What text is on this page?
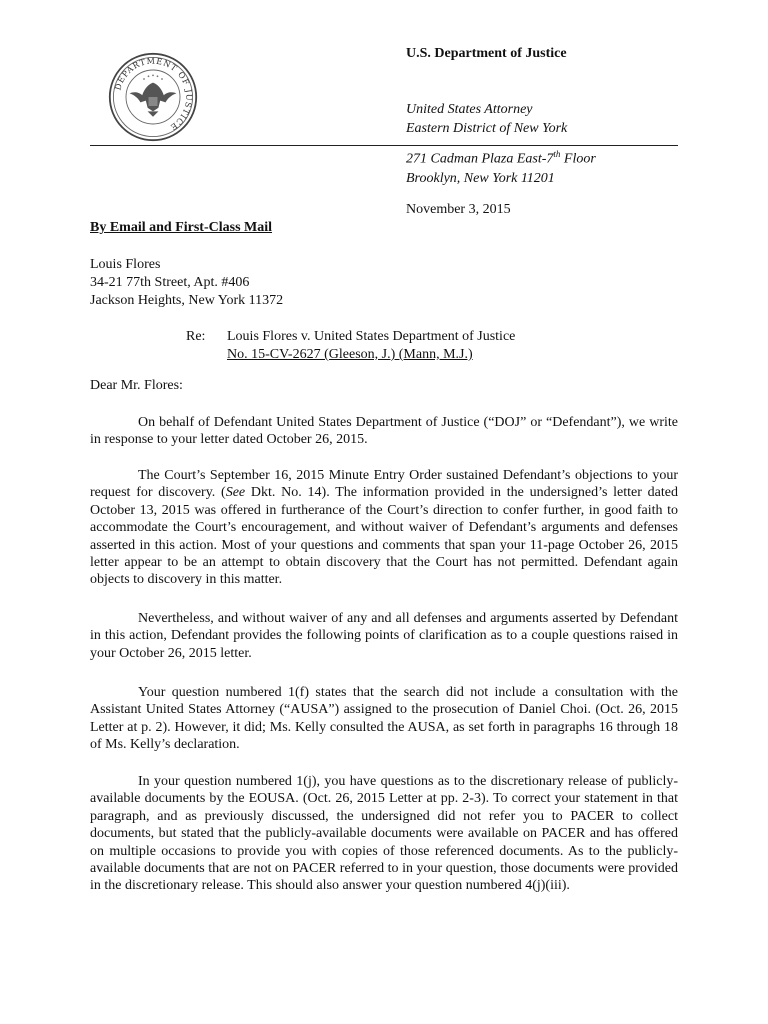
DEPARTMENT OF JUSTICE
U.S. Department of Justice
United States Attorney
Eastern District of New York
271 Cadman Plaza East-7th Floor
Brooklyn, New York 11201
November 3, 2015
By Email and First-Class Mail
Louis Flores
34-21 77th Street, Apt. #406
Jackson Heights, New York 11372
Re: Louis Flores v. United States Department of Justice
No. 15-CV-2627 (Gleeson, J.) (Mann, M.J.)
Dear Mr. Flores:

On behalf of Defendant United States Department of Justice (“DOJ” or “Defendant”), we write in response to your letter dated October 26, 2015.

The Court’s September 16, 2015 Minute Entry Order sustained Defendant’s objections to your request for discovery. (See Dkt. No. 14). The information provided in the undersigned’s letter dated October 13, 2015 was offered in furtherance of the Court’s direction to confer further, in good faith to accommodate the Court’s encouragement, and without waiver of Defendant’s arguments and defenses asserted in this action. Most of your questions and comments that span your 11-page October 26, 2015 letter appear to be an attempt to obtain discovery that the Court has not permitted. Defendant again objects to discovery in this matter.

Nevertheless, and without waiver of any and all defenses and arguments asserted by Defendant in this action, Defendant provides the following points of clarification as to a couple questions raised in your October 26, 2015 letter.

Your question numbered 1(f) states that the search did not include a consultation with the Assistant United States Attorney (“AUSA”) assigned to the prosecution of Daniel Choi. (Oct. 26, 2015 Letter at p. 2). However, it did; Ms. Kelly consulted the AUSA, as set forth in paragraphs 16 through 18 of Ms. Kelly’s declaration.

In your question numbered 1(j), you have questions as to the discretionary release of publicly-available documents by the EOUSA. (Oct. 26, 2015 Letter at pp. 2-3). To correct your statement in that paragraph, and as previously discussed, the undersigned did not refer you to PACER to collect documents, but stated that the publicly-available documents were available on PACER and has offered on multiple occasions to provide you with copies of those referenced documents. As to the publicly-available documents that are not on PACER referred to in your question, those documents were provided in the discretionary release. This should also answer your question numbered 4(j)(iii).
